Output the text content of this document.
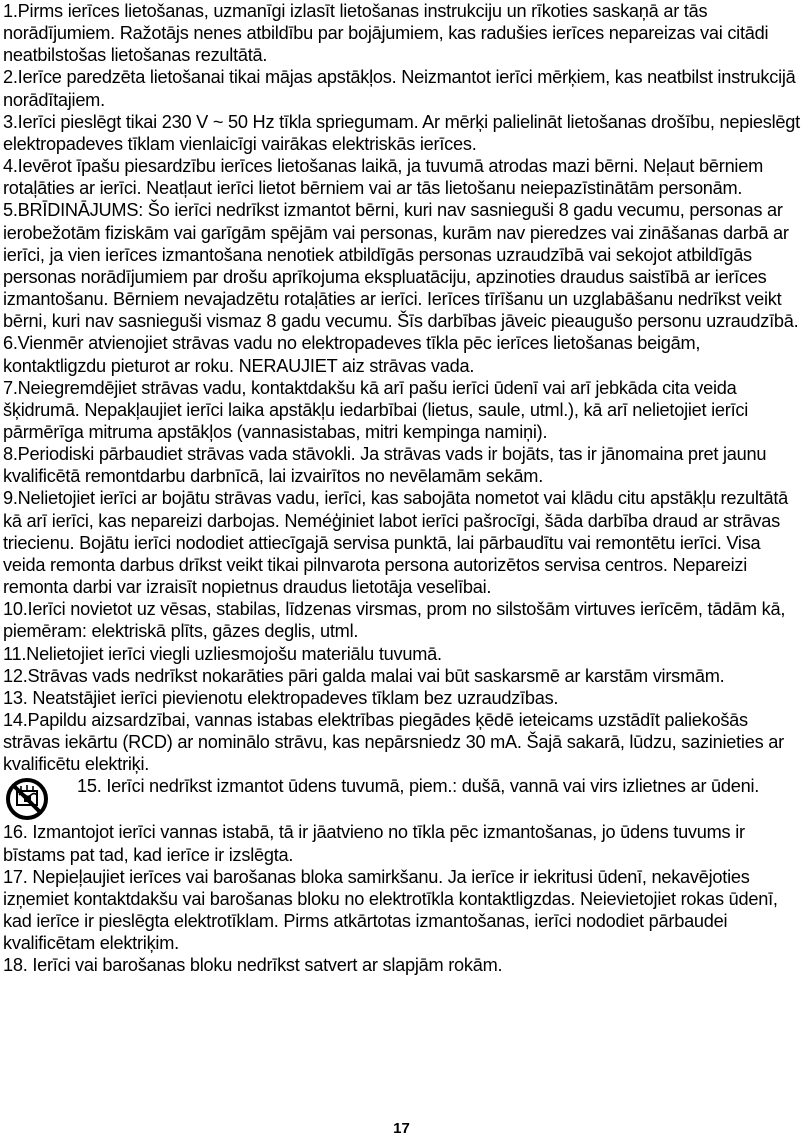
1.Pirms ierīces lietošanas, uzmanīgi izlasīt lietošanas instrukciju un rīkoties saskaņā ar tās norādījumiem. Ražotājs nenes atbildību par bojājumiem, kas radušies ierīces nepareizas vai citādi neatbilstošas lietošanas rezultātā.

2.Ierīce paredzēta lietošanai tikai mājas apstākļos. Neizmantot ierīci mērķiem, kas neatbilst instrukcijā norādītajiem.

3.Ierīci pieslēgt tikai 230 V ~ 50 Hz tīkla spriegumam. Ar mērķi palielināt lietošanas drošību, nepieslēgt elektropadeves tīklam vienlaicīgi vairākas elektriskās ierīces.

4.Ievērot īpašu piesardzību ierīces lietošanas laikā, ja tuvumā atrodas mazi bērni. Neļaut bērniem rotaļāties ar ierīci. Neatļaut ierīci lietot bērniem vai ar tās lietošanu neiepazīstinātām personām.

5.BRĪDINĀJUMS: Šo ierīci nedrīkst izmantot bērni, kuri nav sasnieguši 8 gadu vecumu, personas ar ierobežotām fiziskām vai garīgām spējām vai personas, kurām nav pieredzes vai zināšanas darbā ar ierīci, ja vien ierīces izmantošana nenotiek atbildīgās personas uzraudzībā vai sekojot atbildīgās personas norādījumiem par drošu aprīkojuma ekspluatāciju, apzinoties draudus saistībā ar ierīces izmantošanu. Bērniem nevajadzētu rotaļāties ar ierīci. Ierīces tīrīšanu un uzglabāšanu nedrīkst veikt bērni, kuri nav sasnieguši vismaz 8 gadu vecumu. Šīs darbības jāveic pieaugušo personu uzraudzībā.

6.Vienmēr atvienojiet strāvas vadu no elektropadeves tīkla pēc ierīces lietošanas beigām, kontaktligzdu pieturot ar roku. NERAUJIET aiz strāvas vada.

7.Neiegremdējiet strāvas vadu, kontaktdakšu kā arī pašu ierīci ūdenī vai arī jebkāda cita veida šķidrumā. Nepakļaujiet ierīci laika apstākļu iedarbībai (lietus, saule, utml.), kā arī nelietojiet ierīci pārmērīga mitruma apstākļos (vannasistabas, mitri kempinga namiņi).

8.Periodiski pārbaudiet strāvas vada stāvokli. Ja strāvas vads ir bojāts, tas ir jānomaina pret jaunu kvalificētā remontdarbu darbnīcā, lai izvairītos no nevēlamām sekām.

9.Nelietojiet ierīci ar bojātu strāvas vadu, ierīci, kas sabojāta nometot vai klādu citu apstākļu rezultātā kā arī ierīci, kas nepareizi darbojas. Neméģiniet labot ierīci pašrocīgi, šāda darbība draud ar strāvas triecienu. Bojātu ierīci nododiet attiecīgajā servisa punktā, lai pārbaudītu vai remontētu ierīci. Visa veida remonta darbus drīkst veikt tikai pilnvarota persona autorizētos servisa centros. Nepareizi remonta darbi var izraisīt nopietnus draudus lietotāja veselībai.

10.Ierīci novietot uz vēsas, stabilas, līdzenas virsmas, prom no silstošām virtuves ierīcēm, tādām kā, piemēram: elektriskā plīts, gāzes deglis, utml.

11.Nelietojiet ierīci viegli uzliesmojošu materiālu tuvumā.

12.Strāvas vads nedrīkst nokarāties pāri galda malai vai būt saskarsmē ar karstām virsmām.

13. Neatstājiet ierīci pievienotu elektropadeves tīklam bez uzraudzības.

14.Papildu aizsardzībai, vannas istabas elektrības piegādes ķēdē ieteicams uzstādīt paliekošās strāvas iekārtu (RCD) ar nominālo strāvu, kas nepārsniedz 30 mA. Šajā sakarā, lūdzu, sazinieties ar kvalificētu elektriķi.

15. Ierīci nedrīkst izmantot ūdens tuvumā, piem.: dušā, vannā vai virs izlietnes ar ūdeni.

16. Izmantojot ierīci vannas istabā, tā ir jāatvieno no tīkla pēc izmantošanas, jo ūdens tuvums ir bīstams pat tad, kad ierīce ir izslēgta.

17. Nepieļaujiet ierīces vai barošanas bloka samirkšanu. Ja ierīce ir iekritusi ūdenī, nekavējoties izņemiet kontaktdakšu vai barošanas bloku no elektrotīkla kontaktligzdas. Neievietojiet rokas ūdenī, kad ierīce ir pieslēgta elektrotīklam. Pirms atkārtotas izmantošanas, ierīci nododiet pārbaudei kvalificētam elektriķim.

18. Ierīci vai barošanas bloku nedrīkst satvert ar slapjām rokām.

17
